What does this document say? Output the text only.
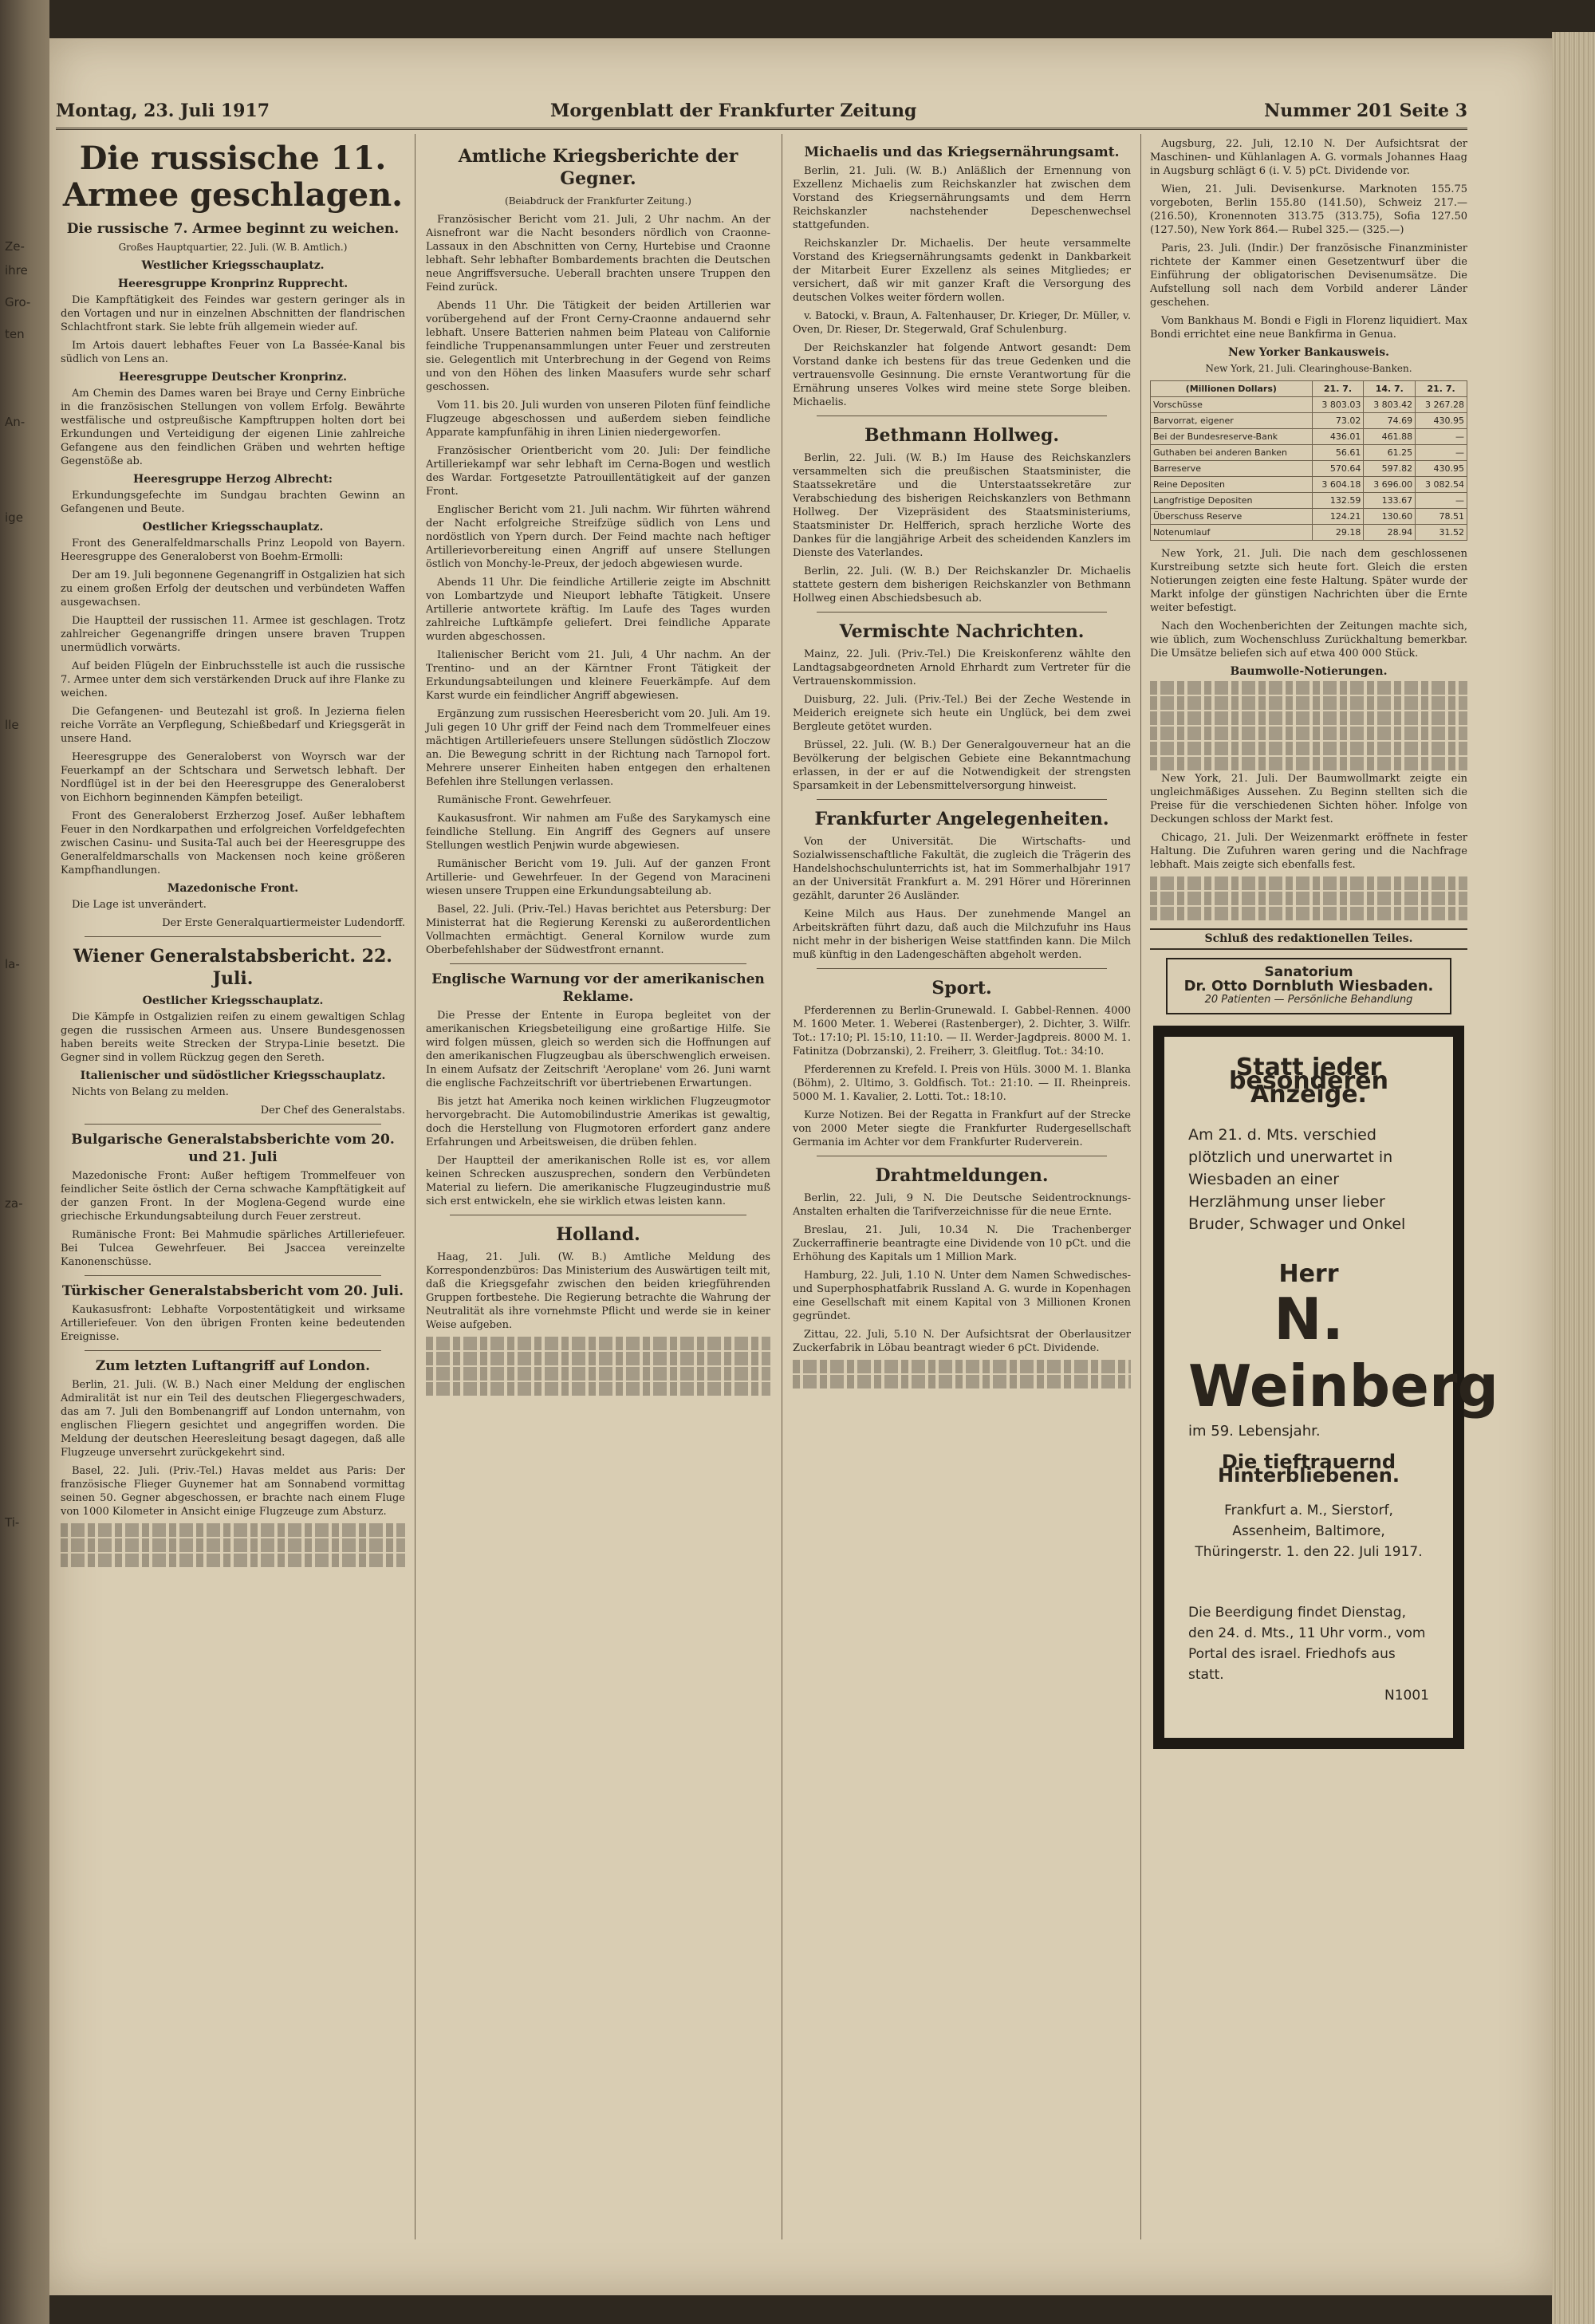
Ze-
ihre
Gro-
ten
An-
ige
lle
la-
za-
Ti-
Montag, 23. Juli 1917	Morgenblatt der Frankfurter Zeitung	Nummer 201 Seite 3
Die russische 11. Armee geschlagen.
Die russische 7. Armee beginnt zu weichen.
Großes Hauptquartier, 22. Juli. (W. B. Amtlich.)
Westlicher Kriegsschauplatz.
Heeresgruppe Kronprinz Rupprecht.

Die Kampftätigkeit des Feindes war gestern geringer als in den Vortagen und nur in einzelnen Abschnitten der flandrischen Schlachtfront stark. Sie lebte früh allgemein wieder auf.

Im Artois dauert lebhaftes Feuer von La Bassée-Kanal bis südlich von Lens an.

Heeresgruppe Deutscher Kronprinz.

Am Chemin des Dames waren bei Braye und Cerny Einbrüche in die französischen Stellungen von vollem Erfolg. Bewährte westfälische und ostpreußische Kampftruppen holten dort bei Erkundungen und Verteidigung der eigenen Linie zahlreiche Gefangene aus den feindlichen Gräben und wehrten heftige Gegenstöße ab.

Heeresgruppe Herzog Albrecht:

Erkundungsgefechte im Sundgau brachten Gewinn an Gefangenen und Beute.

Oestlicher Kriegsschauplatz.

Front des Generalfeldmarschalls Prinz Leopold von Bayern. Heeresgruppe des Generaloberst von Boehm-Ermolli:

Der am 19. Juli begonnene Gegenangriff in Ostgalizien hat sich zu einem großen Erfolg der deutschen und verbündeten Waffen ausgewachsen.

Die Hauptteil der russischen 11. Armee ist geschlagen. Trotz zahlreicher Gegenangriffe dringen unsere braven Truppen unermüdlich vorwärts.

Auf beiden Flügeln der Einbruchsstelle ist auch die russische 7. Armee unter dem sich verstärkenden Druck auf ihre Flanke zu weichen.

Die Gefangenen- und Beutezahl ist groß. In Jezierna fielen reiche Vorräte an Verpflegung, Schießbedarf und Kriegsgerät in unsere Hand.

Heeresgruppe des Generaloberst von Woyrsch war der Feuerkampf an der Schtschara und Serwetsch lebhaft. Der Nordflügel ist in der bei den Heeresgruppe des Generaloberst von Eichhorn beginnenden Kämpfen beteiligt.

Front des Generaloberst Erzherzog Josef. Außer lebhaftem Feuer in den Nordkarpathen und erfolgreichen Vorfeldgefechten zwischen Casinu- und Susita-Tal auch bei der Heeresgruppe des Generalfeldmarschalls von Mackensen noch keine größeren Kampfhandlungen.

Mazedonische Front.

Die Lage ist unverändert.

Der Erste Generalquartiermeister Ludendorff.

Wiener Generalstabsbericht. 22. Juli.
Oestlicher Kriegsschauplatz.

Die Kämpfe in Ostgalizien reifen zu einem gewaltigen Schlag gegen die russischen Armeen aus. Unsere Bundesgenossen haben bereits weite Strecken der Strypa-Linie besetzt. Die Gegner sind in vollem Rückzug gegen den Sereth.

Italienischer und südöstlicher Kriegsschauplatz.

Nichts von Belang zu melden.

Der Chef des Generalstabs.

Bulgarische Generalstabsberichte vom 20. und 21. Juli

Mazedonische Front: Außer heftigem Trommelfeuer von feindlicher Seite östlich der Cerna schwache Kampftätigkeit auf der ganzen Front. In der Moglena-Gegend wurde eine griechische Erkundungsabteilung durch Feuer zerstreut.

Rumänische Front: Bei Mahmudie spärliches Artilleriefeuer. Bei Tulcea Gewehrfeuer. Bei Jsaccea vereinzelte Kanonenschüsse.

Türkischer Generalstabsbericht vom 20. Juli.

Kaukasusfront: Lebhafte Vorpostentätigkeit und wirksame Artilleriefeuer. Von den übrigen Fronten keine bedeutenden Ereignisse.

Zum letzten Luftangriff auf London.

Berlin, 21. Juli. (W. B.) Nach einer Meldung der englischen Admiralität ist nur ein Teil des deutschen Fliegergeschwaders, das am 7. Juli den Bombenangriff auf London unternahm, von englischen Fliegern gesichtet und angegriffen worden. Die Meldung der deutschen Heeresleitung besagt dagegen, daß alle Flugzeuge unversehrt zurückgekehrt sind.

Basel, 22. Juli. (Priv.-Tel.) Havas meldet aus Paris: Der französische Flieger Guynemer hat am Sonnabend vormittag seinen 50. Gegner abgeschossen, er brachte nach einem Fluge von 1000 Kilometer in Ansicht einige Flugzeuge zum Absturz.

Amtliche Kriegsberichte der Gegner.
(Beiabdruck der Frankfurter Zeitung.)

Französischer Bericht vom 21. Juli, 2 Uhr nachm. An der Aisnefront war die Nacht besonders nördlich von Craonne-Lassaux in den Abschnitten von Cerny, Hurtebise und Craonne lebhaft. Sehr lebhafter Bombardements brachten die Deutschen neue Angriffsversuche. Ueberall brachten unsere Truppen den Feind zurück.

Abends 11 Uhr. Die Tätigkeit der beiden Artillerien war vorübergehend auf der Front Cerny-Craonne andauernd sehr lebhaft. Unsere Batterien nahmen beim Plateau von Californie feindliche Truppenansammlungen unter Feuer und zerstreuten sie. Gelegentlich mit Unterbrechung in der Gegend von Reims und von den Höhen des linken Maasufers wurde sehr scharf geschossen.

Vom 11. bis 20. Juli wurden von unseren Piloten fünf feindliche Flugzeuge abgeschossen und außerdem sieben feindliche Apparate kampfunfähig in ihren Linien niedergeworfen.

Französischer Orientbericht vom 20. Juli: Der feindliche Artilleriekampf war sehr lebhaft im Cerna-Bogen und westlich des Wardar. Fortgesetzte Patrouillentätigkeit auf der ganzen Front.

Englischer Bericht vom 21. Juli nachm. Wir führten während der Nacht erfolgreiche Streifzüge südlich von Lens und nordöstlich von Ypern durch. Der Feind machte nach heftiger Artillerievorbereitung einen Angriff auf unsere Stellungen östlich von Monchy-le-Preux, der jedoch abgewiesen wurde.

Abends 11 Uhr. Die feindliche Artillerie zeigte im Abschnitt von Lombartzyde und Nieuport lebhafte Tätigkeit. Unsere Artillerie antwortete kräftig. Im Laufe des Tages wurden zahlreiche Luftkämpfe geliefert. Drei feindliche Apparate wurden abgeschossen.

Italienischer Bericht vom 21. Juli, 4 Uhr nachm. An der Trentino- und an der Kärntner Front Tätigkeit der Erkundungsabteilungen und kleinere Feuerkämpfe. Auf dem Karst wurde ein feindlicher Angriff abgewiesen.

Ergänzung zum russischen Heeresbericht vom 20. Juli. Am 19. Juli gegen 10 Uhr griff der Feind nach dem Trommelfeuer eines mächtigen Artilleriefeuers unsere Stellungen südöstlich Zloczow an. Die Bewegung schritt in der Richtung nach Tarnopol fort. Mehrere unserer Einheiten haben entgegen den erhaltenen Befehlen ihre Stellungen verlassen.

Rumänische Front. Gewehrfeuer.

Kaukasusfront. Wir nahmen am Fuße des Sarykamysch eine feindliche Stellung. Ein Angriff des Gegners auf unsere Stellungen westlich Penjwin wurde abgewiesen.

Rumänischer Bericht vom 19. Juli. Auf der ganzen Front Artillerie- und Gewehrfeuer. In der Gegend von Maracineni wiesen unsere Truppen eine Erkundungsabteilung ab.

Basel, 22. Juli. (Priv.-Tel.) Havas berichtet aus Petersburg: Der Ministerrat hat die Regierung Kerenski zu außerordentlichen Vollmachten ermächtigt. General Kornilow wurde zum Oberbefehlshaber der Südwestfront ernannt.

Englische Warnung vor der amerikanischen Reklame.

Die Presse der Entente in Europa begleitet von der amerikanischen Kriegsbeteiligung eine großartige Hilfe. Sie wird folgen müssen, gleich so werden sich die Hoffnungen auf den amerikanischen Flugzeugbau als überschwenglich erweisen. In einem Aufsatz der Zeitschrift 'Aeroplane' vom 26. Juni warnt die englische Fachzeitschrift vor übertriebenen Erwartungen.

Bis jetzt hat Amerika noch keinen wirklichen Flugzeugmotor hervorgebracht. Die Automobilindustrie Amerikas ist gewaltig, doch die Herstellung von Flugmotoren erfordert ganz andere Erfahrungen und Arbeitsweisen, die drüben fehlen.

Der Hauptteil der amerikanischen Rolle ist es, vor allem keinen Schrecken auszusprechen, sondern den Verbündeten Material zu liefern. Die amerikanische Flugzeugindustrie muß sich erst entwickeln, ehe sie wirklich etwas leisten kann.

Holland.

Haag, 21. Juli. (W. B.) Amtliche Meldung des Korrespondenzbüros: Das Ministerium des Auswärtigen teilt mit, daß die Kriegsgefahr zwischen den beiden kriegführenden Gruppen fortbestehe. Die Regierung betrachte die Wahrung der Neutralität als ihre vornehmste Pflicht und werde sie in keiner Weise aufgeben.

Michaelis und das Kriegsernährungsamt.

Berlin, 21. Juli. (W. B.) Anläßlich der Ernennung von Exzellenz Michaelis zum Reichskanzler hat zwischen dem Vorstand des Kriegsernährungsamts und dem Herrn Reichskanzler nachstehender Depeschenwechsel stattgefunden.

Reichskanzler Dr. Michaelis. Der heute versammelte Vorstand des Kriegsernährungsamts gedenkt in Dankbarkeit der Mitarbeit Eurer Exzellenz als seines Mitgliedes; er versichert, daß wir mit ganzer Kraft die Versorgung des deutschen Volkes weiter fördern wollen.

v. Batocki, v. Braun, A. Faltenhauser, Dr. Krieger, Dr. Müller, v. Oven, Dr. Rieser, Dr. Stegerwald, Graf Schulenburg.

Der Reichskanzler hat folgende Antwort gesandt: Dem Vorstand danke ich bestens für das treue Gedenken und die vertrauensvolle Gesinnung. Die ernste Verantwortung für die Ernährung unseres Volkes wird meine stete Sorge bleiben. Michaelis.

Bethmann Hollweg.

Berlin, 22. Juli. (W. B.) Im Hause des Reichskanzlers versammelten sich die preußischen Staatsminister, die Staatssekretäre und die Unterstaatssekretäre zur Verabschiedung des bisherigen Reichskanzlers von Bethmann Hollweg. Der Vizepräsident des Staatsministeriums, Staatsminister Dr. Helfferich, sprach herzliche Worte des Dankes für die langjährige Arbeit des scheidenden Kanzlers im Dienste des Vaterlandes.

Berlin, 22. Juli. (W. B.) Der Reichskanzler Dr. Michaelis stattete gestern dem bisherigen Reichskanzler von Bethmann Hollweg einen Abschiedsbesuch ab.

Vermischte Nachrichten.

Mainz, 22. Juli. (Priv.-Tel.) Die Kreiskonferenz wählte den Landtagsabgeordneten Arnold Ehrhardt zum Vertreter für die Vertrauenskommission.

Duisburg, 22. Juli. (Priv.-Tel.) Bei der Zeche Westende in Meiderich ereignete sich heute ein Unglück, bei dem zwei Bergleute getötet wurden.

Brüssel, 22. Juli. (W. B.) Der Generalgouverneur hat an die Bevölkerung der belgischen Gebiete eine Bekanntmachung erlassen, in der er auf die Notwendigkeit der strengsten Sparsamkeit in der Lebensmittelversorgung hinweist.

Frankfurter Angelegenheiten.

Von der Universität. Die Wirtschafts- und Sozialwissenschaftliche Fakultät, die zugleich die Trägerin des Handelshochschulunterrichts ist, hat im Sommerhalbjahr 1917 an der Universität Frankfurt a. M. 291 Hörer und Hörerinnen gezählt, darunter 26 Ausländer.

Keine Milch aus Haus. Der zunehmende Mangel an Arbeitskräften führt dazu, daß auch die Milchzufuhr ins Haus nicht mehr in der bisherigen Weise stattfinden kann. Die Milch muß künftig in den Ladengeschäften abgeholt werden.

Sport.

Pferderennen zu Berlin-Grunewald. I. Gabbel-Rennen. 4000 M. 1600 Meter. 1. Weberei (Rastenberger), 2. Dichter, 3. Wilfr. Tot.: 17:10; Pl. 15:10, 11:10. — II. Werder-Jagdpreis. 8000 M. 1. Fatinitza (Dobrzanski), 2. Freiherr, 3. Gleitflug. Tot.: 34:10.

Pferderennen zu Krefeld. I. Preis von Hüls. 3000 M. 1. Blanka (Böhm), 2. Ultimo, 3. Goldfisch. Tot.: 21:10. — II. Rheinpreis. 5000 M. 1. Kavalier, 2. Lotti. Tot.: 18:10.

Kurze Notizen. Bei der Regatta in Frankfurt auf der Strecke von 2000 Meter siegte die Frankfurter Rudergesellschaft Germania im Achter vor dem Frankfurter Ruderverein.

Drahtmeldungen.

Berlin, 22. Juli, 9 N. Die Deutsche Seidentrocknungs-Anstalten erhalten die Tarifverzeichnisse für die neue Ernte.

Breslau, 21. Juli, 10.34 N. Die Trachenberger Zuckerraffinerie beantragte eine Dividende von 10 pCt. und die Erhöhung des Kapitals um 1 Million Mark.

Hamburg, 22. Juli, 1.10 N. Unter dem Namen Schwedisches- und Superphosphatfabrik Russland A. G. wurde in Kopenhagen eine Gesellschaft mit einem Kapital von 3 Millionen Kronen gegründet.

Zittau, 22. Juli, 5.10 N. Der Aufsichtsrat der Oberlausitzer Zuckerfabrik in Löbau beantragt wieder 6 pCt. Dividende.

Augsburg, 22. Juli, 12.10 N. Der Aufsichtsrat der Maschinen- und Kühlanlagen A. G. vormals Johannes Haag in Augsburg schlägt 6 (i. V. 5) pCt. Dividende vor.

Wien, 21. Juli. Devisenkurse. Marknoten 155.75 vorgeboten, Berlin 155.80 (141.50), Schweiz 217.—(216.50), Kronennoten 313.75 (313.75), Sofia 127.50 (127.50), New York 864.— Rubel 325.— (325.—)

Paris, 23. Juli. (Indir.) Der französische Finanzminister richtete der Kammer einen Gesetzentwurf über die Einführung der obligatorischen Devisenumsätze. Die Aufstellung soll nach dem Vorbild anderer Länder geschehen.

Vom Bankhaus M. Bondi e Figli in Florenz liquidiert. Max Bondi errichtet eine neue Bankfirma in Genua.

New Yorker Bankausweis.
New York, 21. Juli. Clearinghouse-Banken.
(Millionen Dollars)	21. 7.	14. 7.	21. 7.
Vorschüsse	3 803.03	3 803.42	3 267.28
Barvorrat, eigener	73.02	74.69	430.95
Bei der Bundesreserve-Bank	436.01	461.88	—
Guthaben bei anderen Banken	56.61	61.25	—
Barreserve	570.64	597.82	430.95
Reine Depositen	3 604.18	3 696.00	3 082.54
Langfristige Depositen	132.59	133.67	—
Überschuss Reserve	124.21	130.60	78.51
Notenumlauf	29.18	28.94	31.52

New York, 21. Juli. Die nach dem geschlossenen Kurstreibung setzte sich heute fort. Gleich die ersten Notierungen zeigten eine feste Haltung. Später wurde der Markt infolge der günstigen Nachrichten über die Ernte weiter befestigt.

Nach den Wochenberichten der Zeitungen machte sich, wie üblich, zum Wochenschluss Zurückhaltung bemerkbar. Die Umsätze beliefen sich auf etwa 400 000 Stück.

Baumwolle-Notierungen.

New York, 21. Juli. Der Baumwollmarkt zeigte ein ungleichmäßiges Aussehen. Zu Beginn stellten sich die Preise für die verschiedenen Sichten höher. Infolge von Deckungen schloss der Markt fest.

Chicago, 21. Juli. Der Weizenmarkt eröffnete in fester Haltung. Die Zufuhren waren gering und die Nachfrage lebhaft. Mais zeigte sich ebenfalls fest.

Schluß des redaktionellen Teiles.
Sanatorium
Dr. Otto Dornbluth Wiesbaden.
20 Patienten — Persönliche Behandlung
Statt jeder besonderen Anzeige.
Am 21. d. Mts. verschied plötzlich und unerwartet in Wiesbaden an einer Herzlähmung unser lieber Bruder, Schwager und Onkel
Herr
N. Weinberg
im 59. Lebensjahr.
Die tieftrauernd Hinterbliebenen.
Frankfurt a. M., Sierstorf, Assenheim, Baltimore, Thüringerstr. 1. den 22. Juli 1917.
Die Beerdigung findet Dienstag, den 24. d. Mts., 11 Uhr vorm., vom Portal des israel. Friedhofs aus statt.
N1001
